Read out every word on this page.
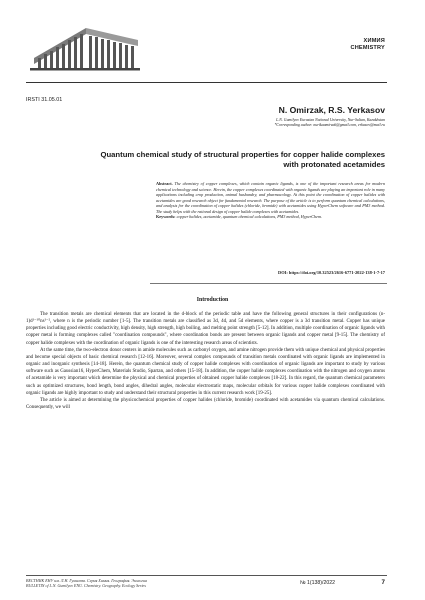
ХИМИЯ
CHEMISTRY
IRSTI 31.05.01
N. Omirzak, R.S. Yerkasov
L.N. Gumilyov Eurasian National University, Nur-Sultan, Kazakhstan
*Corresponding author: nurikaamirzak@gmail.com, erkasov@mail.ru
Quantum chemical study of structural properties for copper halide complexes
with protonated acetamides
Abstract. The chemistry of copper complexes, which contain organic ligands, is one of the important research areas for modern chemical technology and science. Herein, the copper complexes coordinated with organic ligands are playing an important role in many applications including crop production, animal husbandry, and pharmacology. At this point the coordination of copper halides with acetamides are good research object for fundamental research. The purpose of the article is to perform quantum chemical calculations, and analysis for the coordination of copper halides (chloride, bromide) with acetamides using HyperChem software and PM3 method. The study helps with the rational design of copper halide complexes with acetamides.
Keywords: copper halides, acetamide, quantum chemical calculations, PM3 method, HyperChem.
DOI: https://doi.org/10.32523/2616-6771-2022-138-1-7-17
Introduction

The transition metals are chemical elements that are located in the d-block of the periodic table and have the following general structures in their configurations (n-1)d¹⁻¹⁰ns¹⁻², where n is the periodic number [1-5]. The transition metals are classified as 3d, 4d, and 5d elements, where copper is a 3d transition metal. Copper has unique properties including good electric conductivity, high density, high strength, high boiling, and melting point strength [5-12]. In addition, multiple coordination of organic ligands with copper metal is forming complexes called "coordination compounds", where coordination bonds are present between organic ligands and copper metal [9-15]. The chemistry of copper halide complexes with the coordination of organic ligands is one of the interesting research areas of scientists.

At the same time, the two-electron donor centers in amide molecules such as carbonyl oxygen, and amine nitrogen provide them with unique chemical and physical properties and become special objects of basic chemical research [12-16]. Moreover, several complex compounds of transition metals coordinated with organic ligands are implemented in organic and inorganic synthesis [14-18]. Herein, the quantum chemical study of copper halide complexes with coordination of organic ligands are important to study by various software such as Gaussian16, HyperChem, Materials Studio, Spartan, and others [15-18]. In addition, the copper halide complexes coordination with the nitrogen and oxygen atoms of acetamide is very important which determine the physical and chemical properties of obtained copper halide complexes [18-22]. In this regard, the quantum chemical parameters such as optimized structures, bond length, bond angles, dihedral angles, molecular electrostatic maps, molecular orbitals for various copper halide complexes coordinated with organic ligands are highly important to study and understand their structural properties in this current research work [19-25].

The article is aimed at determining the physicochemical properties of copper halides (chloride, bromide) coordinated with acetamides via quantum chemical calculations. Consequently, we will

ВЕСТНИК ЕНУ им. Л.Н. Гумилева. Серия Химия. География. Экология
BULLETIN of L.N. Gumilyov ENU. Chemistry. Geography. Ecology Series	№ 1(138)/2022	7
